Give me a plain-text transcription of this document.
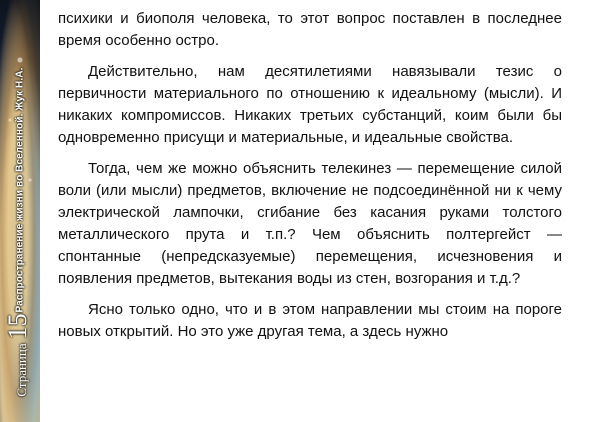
Распространение жизни во Вселенной. Жук Н.А.
Страница15

психики и биополя человека, то этот вопрос поставлен в последнее время особенно остро.

Действительно, нам десятилетиями навязывали тезис о первичности материального по отношению к идеальному (мысли). И никаких компромиссов. Никаких третьих субстанций, коим были бы одновременно присущи и материальные, и идеальные свойства.

Тогда, чем же можно объяснить телекинез — перемещение силой воли (или мысли) предметов, включение не подсоединённой ни к чему электрической лампочки, сгибание без касания руками толстого металлического прута и т.п.? Чем объяснить полтергейст — спонтанные (непредсказуемые) перемещения, исчезновения и появления предметов, вытекания воды из стен, возгорания и т.д.?

Ясно только одно, что и в этом направлении мы стоим на пороге новых открытий. Но это уже другая тема, а здесь нужно
